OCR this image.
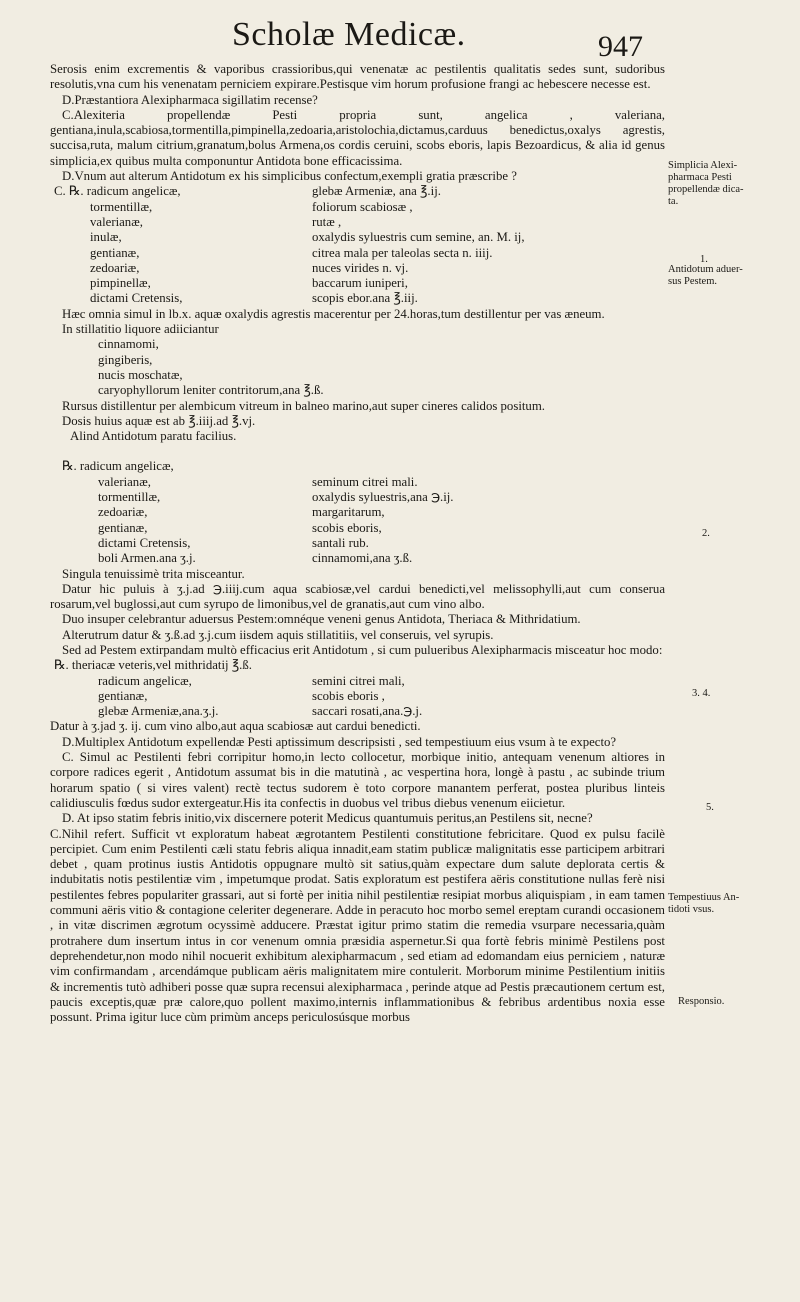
Scholæ Medicæ.	947

Serosis enim excrementis & vaporibus crassioribus,qui venenatæ ac pestilentis qualitatis sedes sunt, sudoribus resolutis,vna cum his venenatam perniciem expirare.Pestisque vim horum profusione frangi ac hebescere necesse est.

D.Præstantiora Alexipharmaca sigillatim recense?

C.Alexiteria propellendæ Pesti propria sunt, angelica , valeriana, gentiana,inula,scabiosa,tormentilla,pimpinella,zedoaria,aristolochia,dictamus,carduus benedictus,oxalys agrestis, succisa,ruta, malum citrium,granatum,bolus Armena,os cordis ceruini, scobs eboris, lapis Bezoardicus, & alia id genus simplicia,ex quibus multa componuntur Antidota bone efficacissima.

D.Vnum aut alterum Antidotum ex his simplicibus confectum,exempli gratia præscribe ?

C. ℞. radicum angelicæ,	glebæ Armeniæ, ana ℥.ij.
tormentillæ,	foliorum scabiosæ ,
valerianæ,	rutæ ,
inulæ,	oxalydis syluestris cum semine, an. M. ij,
gentianæ,	citrea mala per taleolas secta n. iiij.
zedoariæ,	nuces virides n. vj.
pimpinellæ,	baccarum iuniperi,
dictami Cretensis,	scopis ebor.ana ℥.iij.

Hæc omnia simul in lb.x. aquæ oxalydis agrestis macerentur per 24.horas,tum destillentur per vas æneum.

In stillatitio liquore adiiciantur

cinnamomi,
gingiberis,
nucis moschatæ,
caryophyllorum leniter contritorum,ana ℥.ß.

Rursus distillentur per alembicum vitreum in balneo marino,aut super cineres calidos positum.

Dosis huius aquæ est ab ℥.iiij.ad ℥.vj.

Alind Antidotum paratu facilius.

℞. radicum angelicæ,
valerianæ,	seminum citrei mali.
tormentillæ,	oxalydis syluestris,ana ℈.ij.
zedoariæ,	margaritarum,
gentianæ,	scobis eboris,
dictami Cretensis,	santali rub.
boli Armen.ana ʒ.j.	cinnamomi,ana ʒ.ß.

Singula tenuissimè trita misceantur.

Datur hic puluis à ʒ.j.ad ℈.iiij.cum aqua scabiosæ,vel cardui benedicti,vel melissophylli,aut cum conserua rosarum,vel buglossi,aut cum syrupo de limonibus,vel de granatis,aut cum vino albo.

Duo insuper celebrantur aduersus Pestem:omnéque veneni genus Antidota, Theriaca & Mithridatium.

Alterutrum datur & ʒ.ß.ad ʒ.j.cum iisdem aquis stillatitiis, vel conseruis, vel syrupis.

Sed ad Pestem extirpandam multò efficacius erit Antidotum , si cum pulueribus Alexipharmacis misceatur hoc modo:

℞. theriacæ veteris,vel mithridatij ℥.ß.
radicum angelicæ,	semini citrei mali,
gentianæ,	scobis eboris ,
glebæ Armeniæ,ana.ʒ.j.	saccari rosati,ana.℈.j.

Datur à ʒ.jad ʒ. ij. cum vino albo,aut aqua scabiosæ aut cardui benedicti.

D.Multiplex Antidotum expellendæ Pesti aptissimum descripsisti , sed tempestiuum eius vsum à te expecto?

C. Simul ac Pestilenti febri corripitur homo,in lecto collocetur, morbique initio, antequam venenum altiores in corpore radices egerit , Antidotum assumat bis in die matutinà , ac vespertina hora, longè à pastu , ac subinde trium horarum spatio ( si vires valent) rectè tectus sudorem è toto corpore manantem perferat, postea pluribus linteis calidiusculis fœdus sudor extergeatur.His ita confectis in duobus vel tribus diebus venenum eiicietur.

D. At ipso statim febris initio,vix discernere poterit Medicus quantumuis peritus,an Pestilens sit, necne?

C.Nihil refert. Sufficit vt exploratum habeat ægrotantem Pestilenti constitutione febricitare. Quod ex pulsu facilè percipiet. Cum enim Pestilenti cæli statu febris aliqua innadit,eam statim publicæ malignitatis esse participem arbitrari debet , quam protinus iustis Antidotis oppugnare multò sit satius,quàm expectare dum salute deplorata certis & indubitatis notis pestilentiæ vim , impetumque prodat. Satis exploratum est pestifera aëris constitutione nullas ferè nisi pestilentes febres populariter grassari, aut si fortè per initia nihil pestilentiæ resipiat morbus aliquispiam , in eam tamen communi aëris vitio & contagione celeriter degenerare. Adde in peracuto hoc morbo semel ereptam curandi occasionem , in vitæ discrimen ægrotum ocyssimè adducere. Præstat igitur primo statim die remedia vsurpare necessaria,quàm protrahere dum insertum intus in cor venenum omnia præsidia aspernetur.Si qua fortè febris minimè Pestilens post deprehendetur,non modo nihil nocuerit exhibitum alexipharmacum , sed etiam ad edomandam eius perniciem , naturæ vim confirmandam , arcendámque publicam aëris malignitatem mire contulerit. Morborum minime Pestilentium initiis & incrementis tutò adhiberi posse quæ supra recensui alexipharmaca , perinde atque ad Pestis præcautionem certum est, paucis exceptis,quæ præ calore,quo pollent maximo,internis inflammationibus & febribus ardentibus noxia esse possunt. Prima igitur luce cùm primùm anceps periculosúsque morbus

Simplicia Alexi-
pharmaca Pesti
propellendæ dica-
ta.
1.
Antidotum aduer-
sus Pestem.
2.
3. 4.
5.
Tempestiuus An-
tidoti vsus.
Responsio.
